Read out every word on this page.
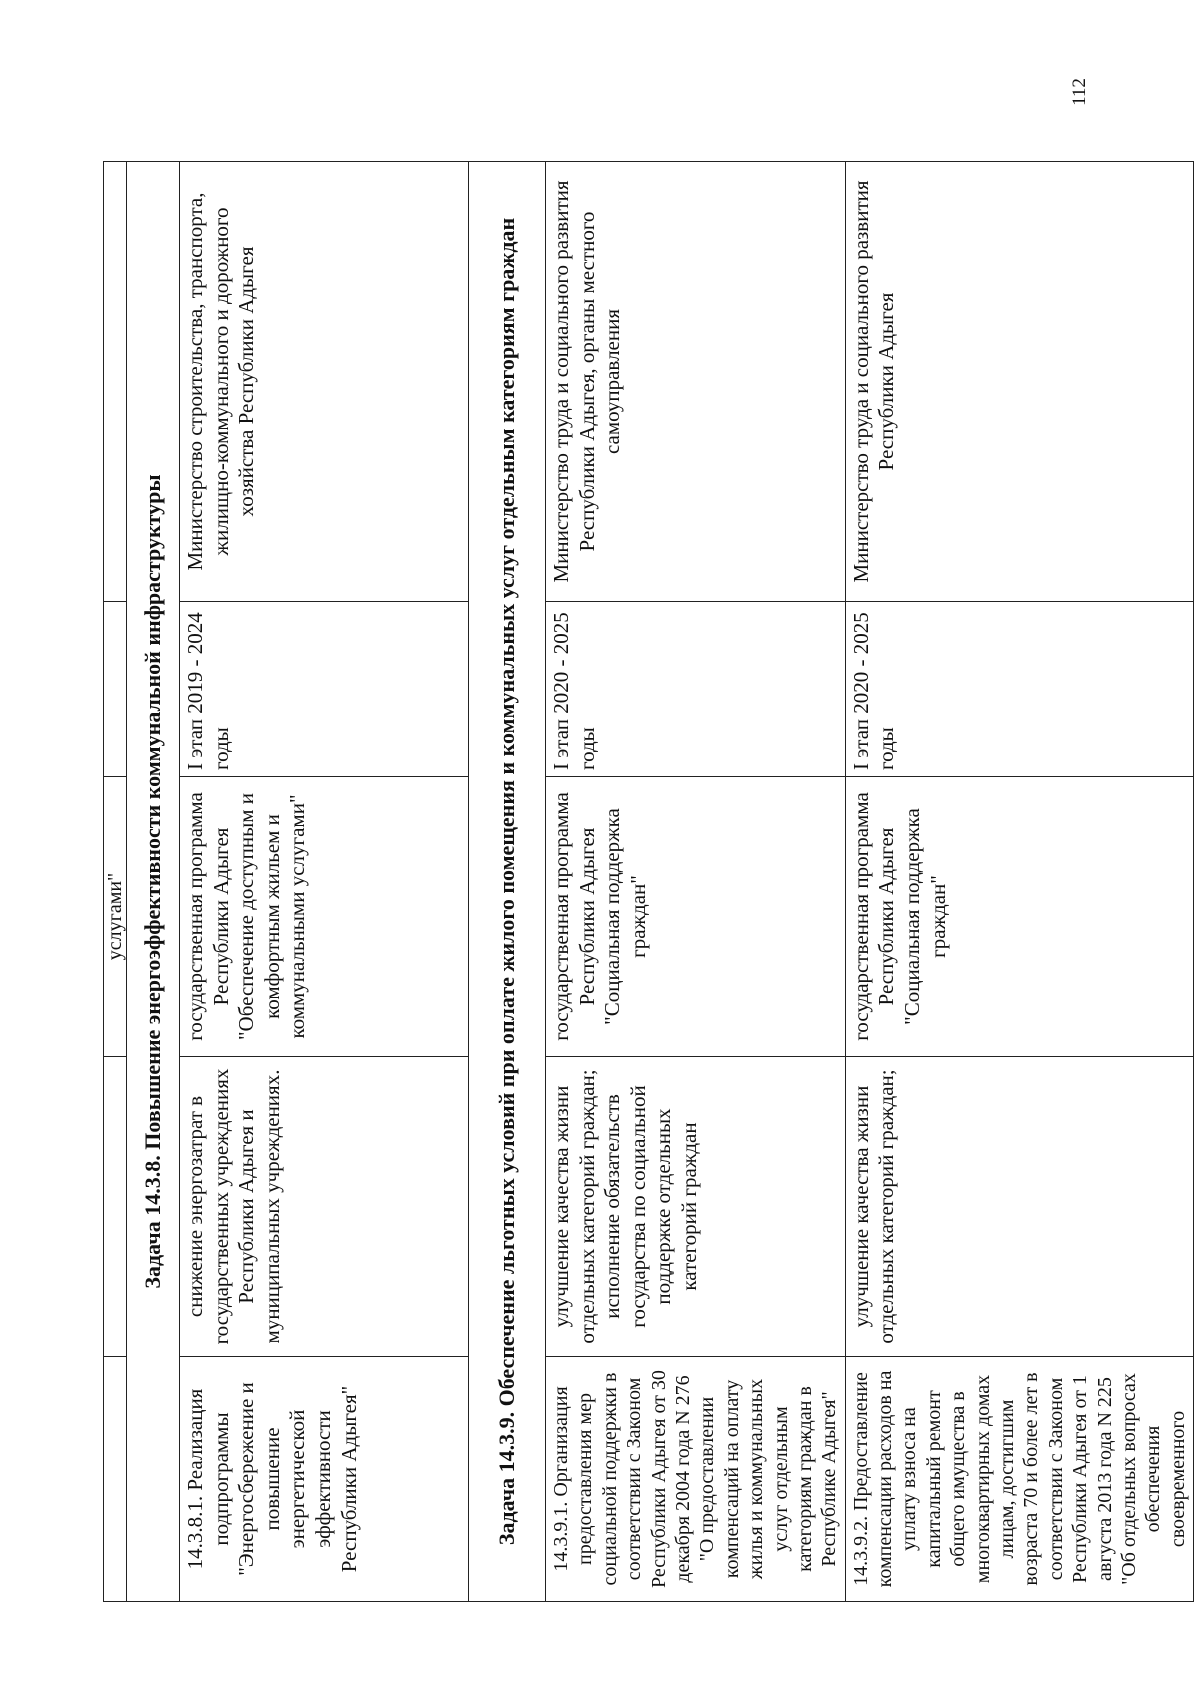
112
		услугами"		
Задача 14.3.8. Повышение энергоэффективности коммунальной инфраструктуры				
14.3.8.1. Реализация подпрограммы "Энергосбережение и повышение энергетической эффективности Республики Адыгея"	снижение энергозатрат в государственных учреждениях Республики Адыгея и муниципальных учреждениях.	государственная программа Республики Адыгея "Обеспечение доступным и комфортным жильем и коммунальными услугами"	I этап 2019 - 2024 годы	Министерство строительства, транспорта, жилищно-коммунального и дорожного хозяйства Республики Адыгея
Задача 14.3.9. Обеспечение льготных условий при оплате жилого помещения и коммунальных услуг отдельным категориям граждан				
14.3.9.1. Организация предоставления мер социальной поддержки в соответствии с Законом Республики Адыгея от 30 декабря 2004 года N 276 "О предоставлении компенсаций на оплату жилья и коммунальных услуг отдельным категориям граждан в Республике Адыгея"	улучшение качества жизни отдельных категорий граждан; исполнение обязательств государства по социальной поддержке отдельных категорий граждан	государственная программа Республики Адыгея "Социальная поддержка граждан"	I этап 2020 - 2025 годы	Министерство труда и социального развития Республики Адыгея, органы местного самоуправления
14.3.9.2. Предоставление компенсации расходов на уплату взноса на капитальный ремонт общего имущества в многоквартирных домах лицам, достигшим возраста 70 и более лет в соответствии с Законом Республики Адыгея от 1 августа 2013 года N 225 "Об отдельных вопросах обеспечения своевременного	улучшение качества жизни отдельных категорий граждан;	государственная программа Республики Адыгея "Социальная поддержка граждан"	I этап 2020 - 2025 годы	Министерство труда и социального развития Республики Адыгея
